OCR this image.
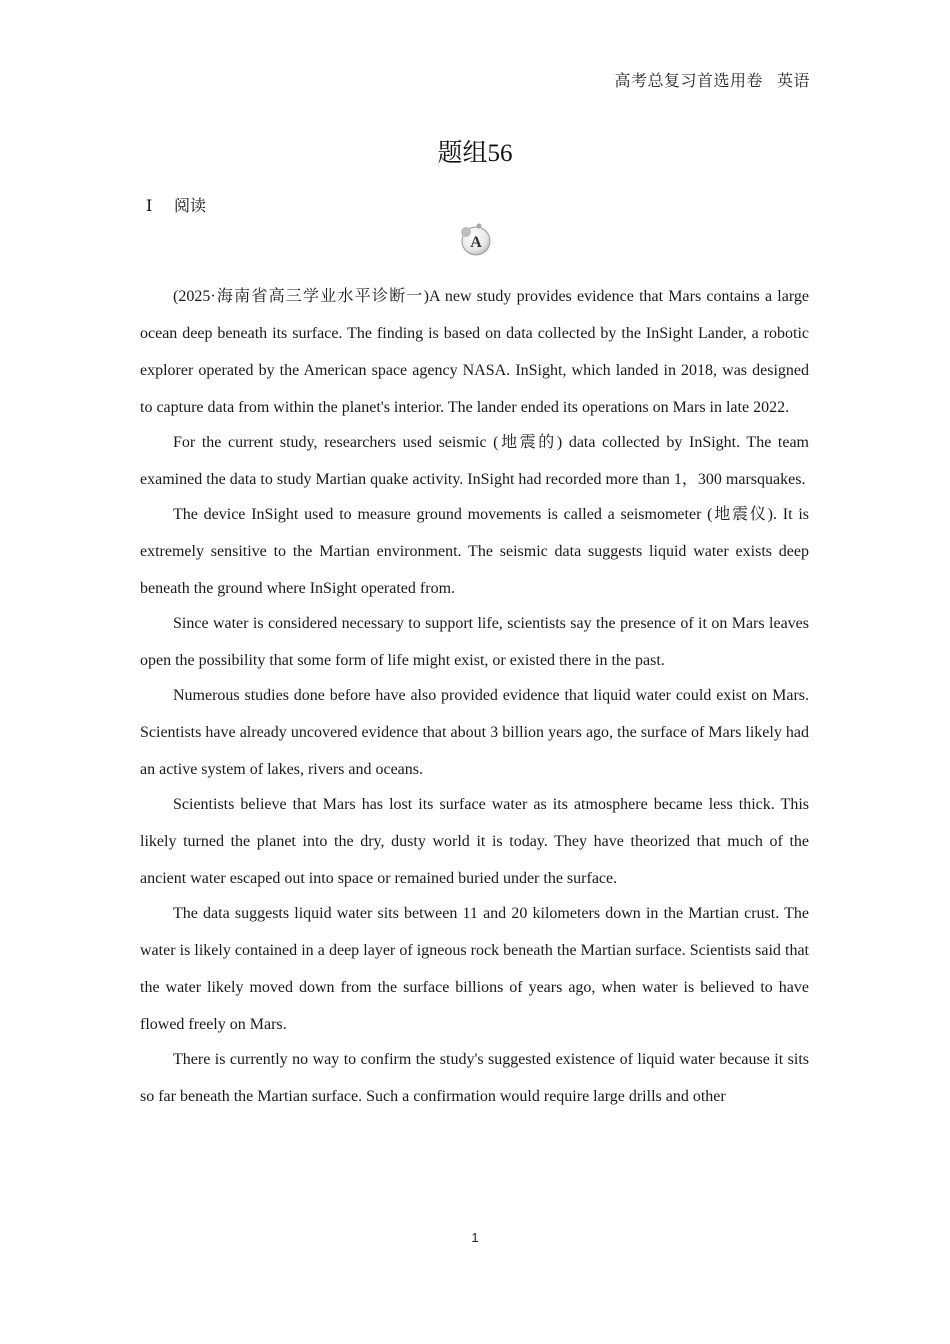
高考总复习首选用卷 英语
题组56
Ⅰ 阅读
A

(2025·海南省高三学业水平诊断一)A new study provides evidence that Mars contains a large ocean deep beneath its surface. The finding is based on data collected by the InSight Lander, a robotic explorer operated by the American space agency NASA. InSight, which landed in 2018, was designed to capture data from within the planet's interior. The lander ended its operations on Mars in late 2022.

For the current study, researchers used seismic (地震的) data collected by InSight. The team examined the data to study Martian quake activity. InSight had recorded more than 1，300 marsquakes.

The device InSight used to measure ground movements is called a seismometer (地震仪). It is extremely sensitive to the Martian environment. The seismic data suggests liquid water exists deep beneath the ground where InSight operated from.

Since water is considered necessary to support life, scientists say the presence of it on Mars leaves open the possibility that some form of life might exist, or existed there in the past.

Numerous studies done before have also provided evidence that liquid water could exist on Mars. Scientists have already uncovered evidence that about 3 billion years ago, the surface of Mars likely had an active system of lakes, rivers and oceans.

Scientists believe that Mars has lost its surface water as its atmosphere became less thick. This likely turned the planet into the dry, dusty world it is today. They have theorized that much of the ancient water escaped out into space or remained buried under the surface.

The data suggests liquid water sits between 11 and 20 kilometers down in the Martian crust. The water is likely contained in a deep layer of igneous rock beneath the Martian surface. Scientists said that the water likely moved down from the surface billions of years ago, when water is believed to have flowed freely on Mars.

There is currently no way to confirm the study's suggested existence of liquid water because it sits so far beneath the Martian surface. Such a confirmation would require large drills and other

1
